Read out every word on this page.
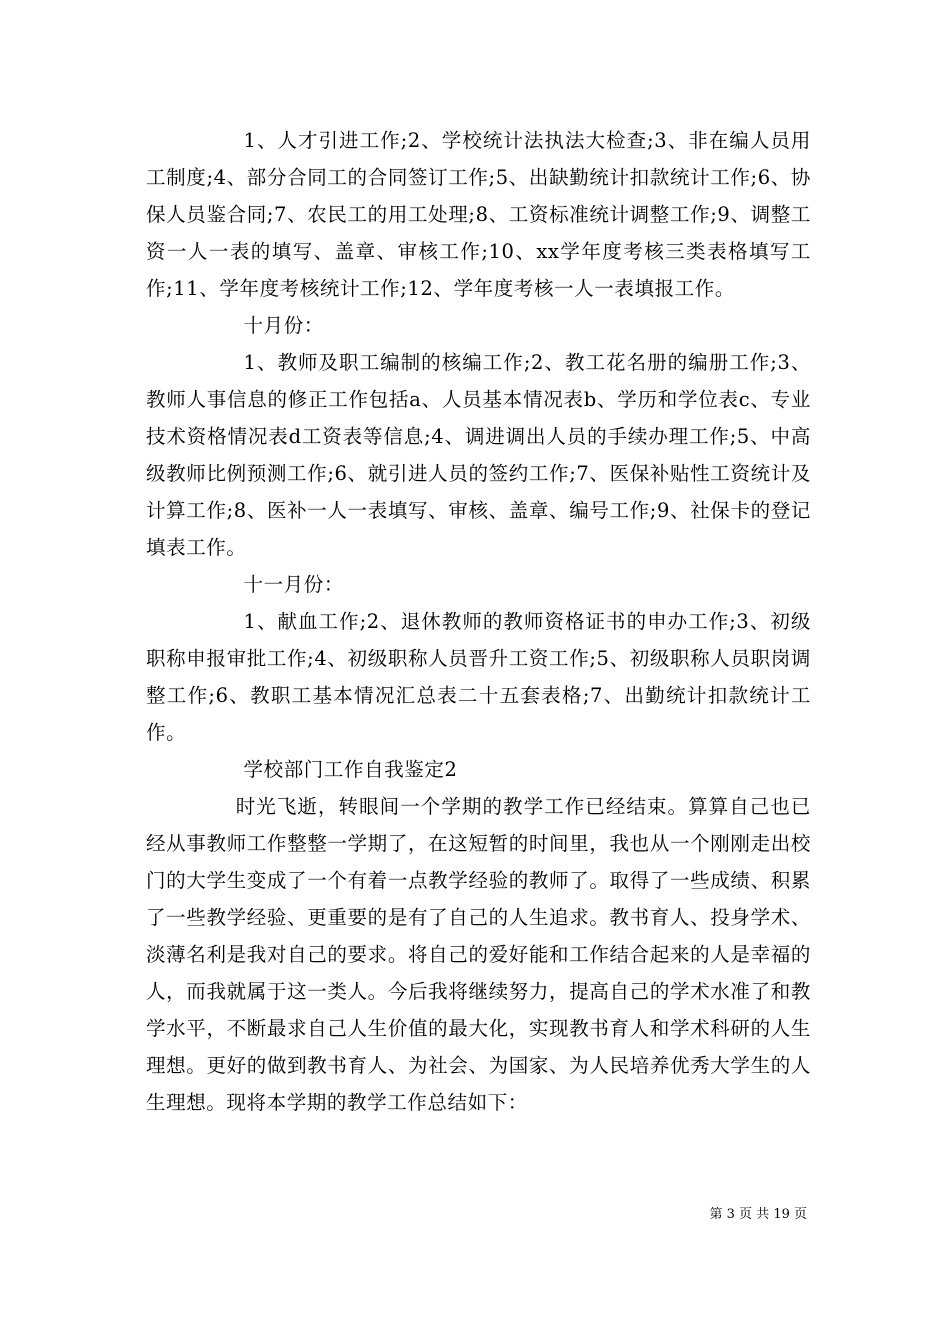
1、人才引进工作;2、学校统计法执法大检查;3、非在编人员用工制度;4、部分合同工的合同签订工作;5、出缺勤统计扣款统计工作;6、协保人员鉴合同;7、农民工的用工处理;8、工资标准统计调整工作;9、调整工资一人一表的填写、盖章、审核工作;10、xx学年度考核三类表格填写工作;11、学年度考核统计工作;12、学年度考核一人一表填报工作。

十月份：

1、教师及职工编制的核编工作;2、教工花名册的编册工作;3、教师人事信息的修正工作包括a、人员基本情况表b、学历和学位表c、专业技术资格情况表d工资表等信息;4、调进调出人员的手续办理工作;5、中高级教师比例预测工作;6、就引进人员的签约工作;7、医保补贴性工资统计及计算工作;8、医补一人一表填写、审核、盖章、编号工作;9、社保卡的登记填表工作。

十一月份：

1、献血工作;2、退休教师的教师资格证书的申办工作;3、初级职称申报审批工作;4、初级职称人员晋升工资工作;5、初级职称人员职岗调整工作;6、教职工基本情况汇总表二十五套表格;7、出勤统计扣款统计工作。

学校部门工作自我鉴定2

时光飞逝，转眼间一个学期的教学工作已经结束。算算自己也已经从事教师工作整整一学期了，在这短暂的时间里，我也从一个刚刚走出校门的大学生变成了一个有着一点教学经验的教师了。取得了一些成绩、积累了一些教学经验、更重要的是有了自己的人生追求。教书育人、投身学术、淡薄名利是我对自己的要求。将自己的爱好能和工作结合起来的人是幸福的人，而我就属于这一类人。今后我将继续努力，提高自己的学术水准了和教学水平，不断最求自己人生价值的最大化，实现教书育人和学术科研的人生理想。更好的做到教书育人、为社会、为国家、为人民培养优秀大学生的人生理想。现将本学期的教学工作总结如下：

第 3 页 共 19 页
